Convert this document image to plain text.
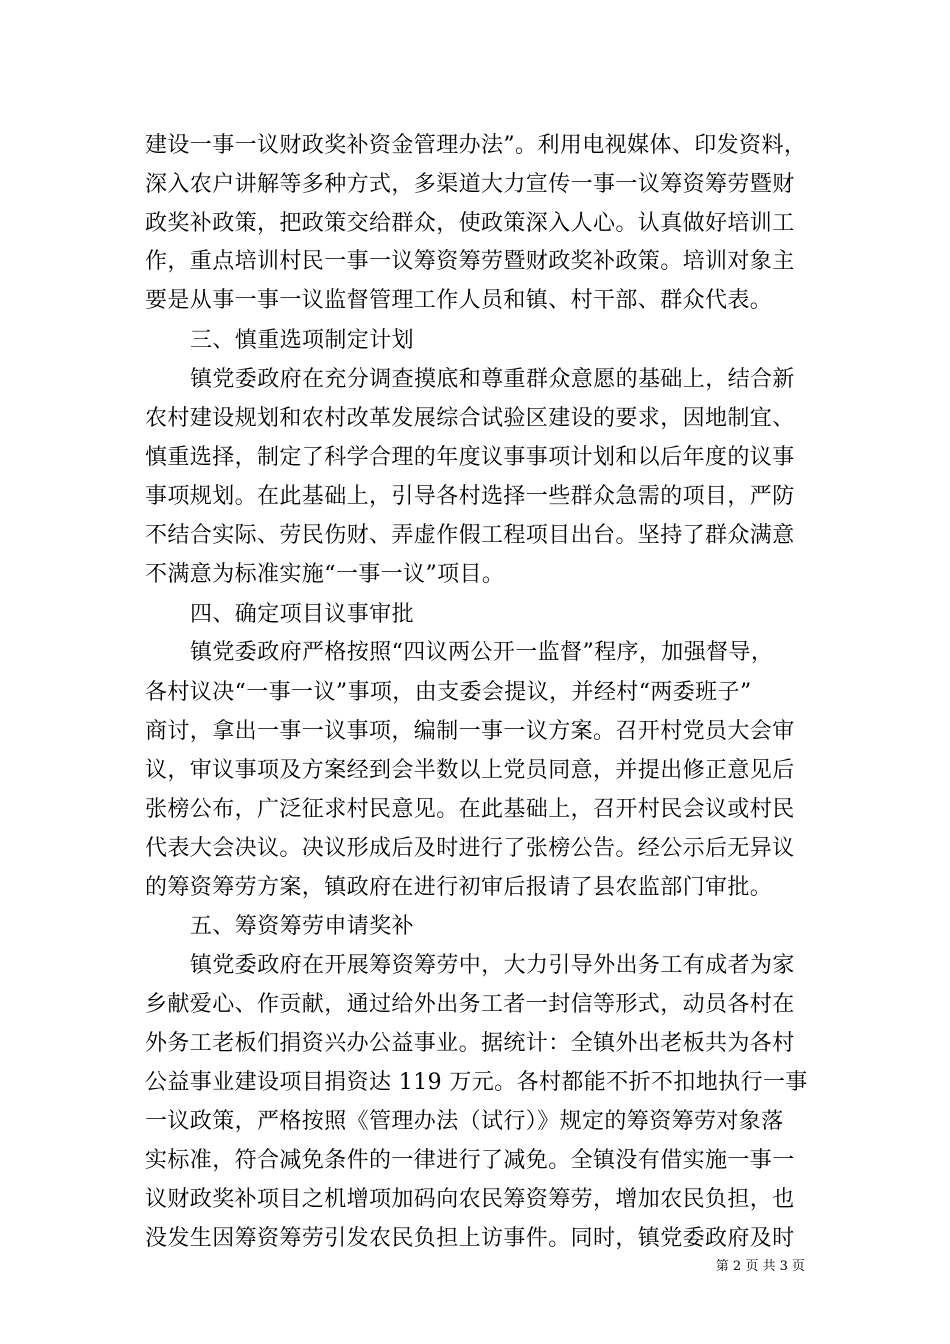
建设一事一议财政奖补资金管理办法”。利用电视媒体、印发资料，
深入农户讲解等多种方式，多渠道大力宣传一事一议筹资筹劳暨财
政奖补政策，把政策交给群众，使政策深入人心。认真做好培训工
作，重点培训村民一事一议筹资筹劳暨财政奖补政策。培训对象主
要是从事一事一议监督管理工作人员和镇、村干部、群众代表。
三、慎重选项制定计划
镇党委政府在充分调查摸底和尊重群众意愿的基础上，结合新
农村建设规划和农村改革发展综合试验区建设的要求，因地制宜、
慎重选择，制定了科学合理的年度议事事项计划和以后年度的议事
事项规划。在此基础上，引导各村选择一些群众急需的项目，严防
不结合实际、劳民伤财、弄虚作假工程项目出台。坚持了群众满意
不满意为标准实施“一事一议”项目。
四、确定项目议事审批
镇党委政府严格按照“四议两公开一监督”程序，加强督导，
各村议决“一事一议”事项，由支委会提议，并经村“两委班子”
商讨，拿出一事一议事项，编制一事一议方案。召开村党员大会审
议，审议事项及方案经到会半数以上党员同意，并提出修正意见后
张榜公布，广泛征求村民意见。在此基础上，召开村民会议或村民
代表大会决议。决议形成后及时进行了张榜公告。经公示后无异议
的筹资筹劳方案，镇政府在进行初审后报请了县农监部门审批。
五、筹资筹劳申请奖补
镇党委政府在开展筹资筹劳中，大力引导外出务工有成者为家
乡献爱心、作贡献，通过给外出务工者一封信等形式，动员各村在
外务工老板们捐资兴办公益事业。据统计：全镇外出老板共为各村
公益事业建设项目捐资达 119 万元。各村都能不折不扣地执行一事
一议政策，严格按照《管理办法（试行）》规定的筹资筹劳对象落
实标准，符合减免条件的一律进行了减免。全镇没有借实施一事一
议财政奖补项目之机增项加码向农民筹资筹劳，增加农民负担，也
没发生因筹资筹劳引发农民负担上访事件。同时，镇党委政府及时
第 2 页 共 3 页
